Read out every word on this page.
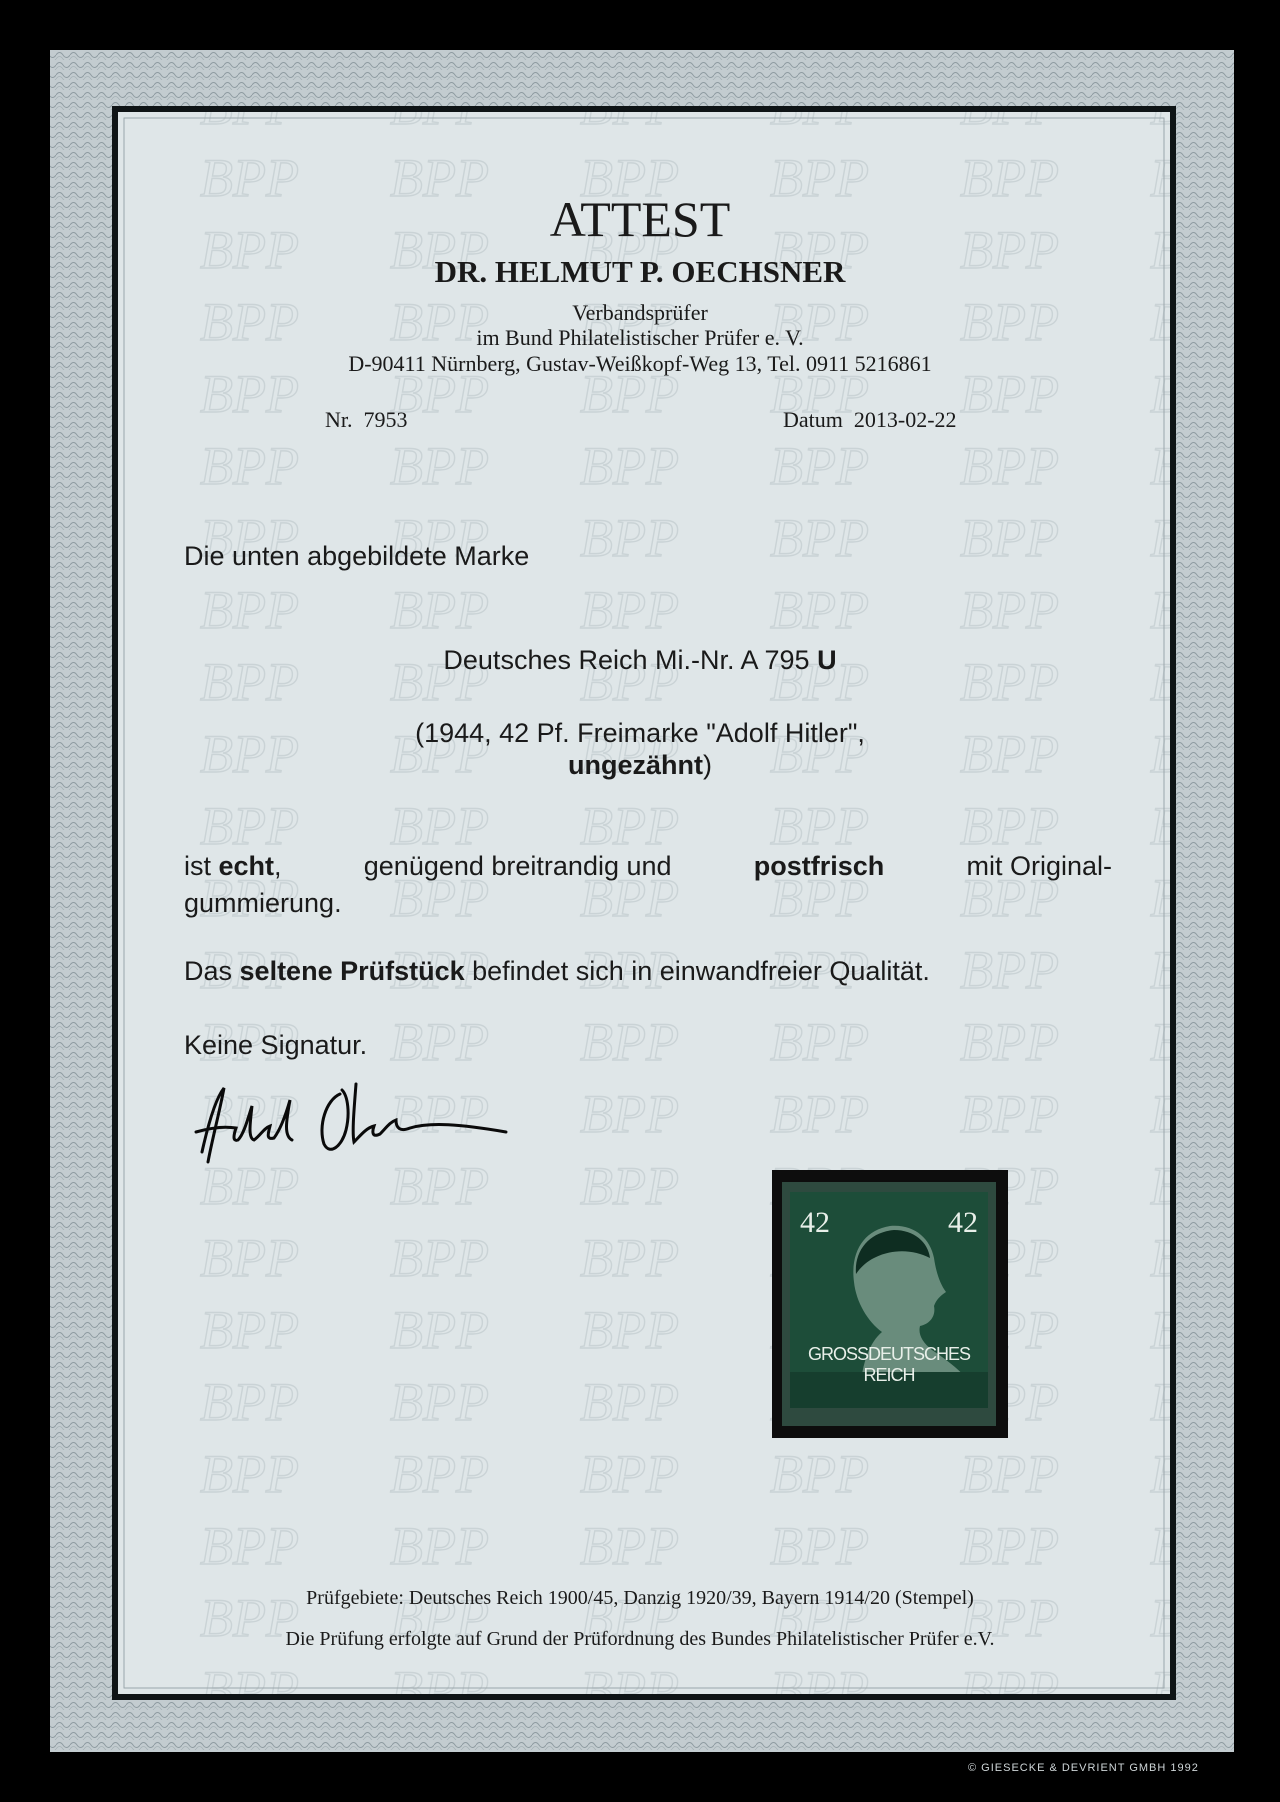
ATTEST
DR. HELMUT P. OECHSNER
Verbandsprüfer
im Bund Philatelistischer Prüfer e. V.
D-90411 Nürnberg, Gustav-Weißkopf-Weg 13, Tel. 0911 5216861
Nr. 7953	Datum 2013-02-22
Die unten abgebildete Marke
Deutsches Reich Mi.-Nr. A 795 U
(1944, 42 Pf. Freimarke "Adolf Hitler",
ungezähnt)
ist echt,	genügend breitrandig und	postfrisch	mit Original-
gummierung.
Das seltene Prüfstück befindet sich in einwandfreier Qualität.
Keine Signatur.
42	42
GROSSDEUTSCHES REICH
Prüfgebiete: Deutsches Reich 1900/45, Danzig 1920/39, Bayern 1914/20 (Stempel)
Die Prüfung erfolgte auf Grund der Prüfordnung des Bundes Philatelistischer Prüfer e.V.
© GIESECKE & DEVRIENT GMBH 1992
